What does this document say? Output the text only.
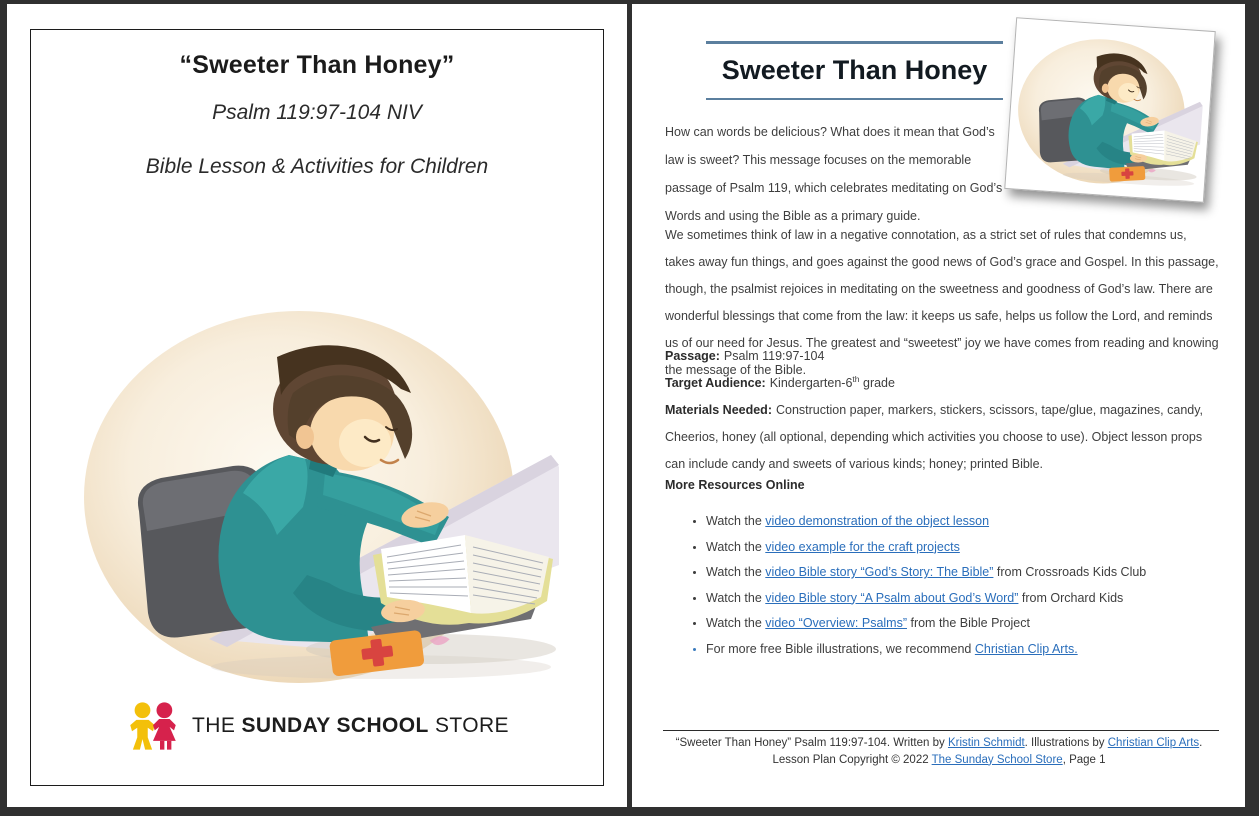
“Sweeter Than Honey”

Psalm 119:97-104 NIV

Bible Lesson & Activities for Children

THE SUNDAY SCHOOL STORE
Sweeter Than Honey

How can words be delicious? What does it mean that God’s law is sweet? This message focuses on the memorable passage of Psalm 119, which celebrates meditating on God’s Words and using the Bible as a primary guide.

We sometimes think of law in a negative connotation, as a strict set of rules that condemns us, takes away fun things, and goes against the good news of God’s grace and Gospel. In this passage, though, the psalmist rejoices in meditating on the sweetness and goodness of God’s law. There are wonderful blessings that come from the law: it keeps us safe, helps us follow the Lord, and reminds us of our need for Jesus. The greatest and “sweetest” joy we have comes from reading and knowing the message of the Bible.

Passage: Psalm 119:97-104

Target Audience: Kindergarten-6th grade

Materials Needed: Construction paper, markers, stickers, scissors, tape/glue, magazines, candy, Cheerios, honey (all optional, depending which activities you choose to use). Object lesson props can include candy and sweets of various kinds; honey; printed Bible.

More Resources Online

• Watch the video demonstration of the object lesson
• Watch the video example for the craft projects
• Watch the video Bible story “God’s Story: The Bible” from Crossroads Kids Club
• Watch the video Bible story “A Psalm about God’s Word” from Orchard Kids
• Watch the video “Overview: Psalms” from the Bible Project
• For more free Bible illustrations, we recommend Christian Clip Arts.

“Sweeter Than Honey” Psalm 119:97-104. Written by Kristin Schmidt. Illustrations by Christian Clip Arts.

Lesson Plan Copyright © 2022 The Sunday School Store, Page 1
